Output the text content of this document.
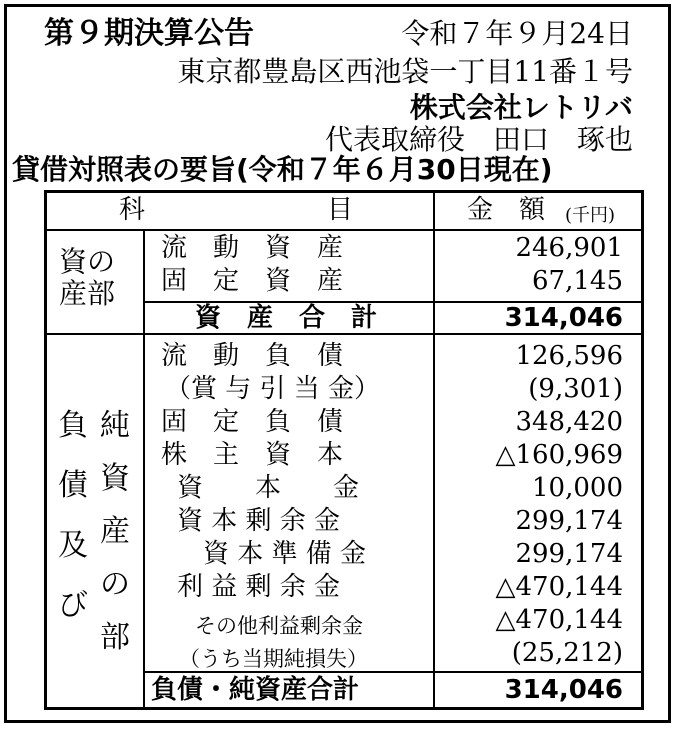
第９期決算公告	令和７年９月24日
東京都豊島区西池袋一丁目11番１号
株式会社レトリバ
代表取締役　田口　琢也
貸借対照表の要旨(令和７年６月30日現在)
科	目	金　額 (千円)
資の
産部
流　動　資　産	246,901
固　定　資　産	67,145
資　産　合　計	314,046
負
債
及
び
純
資
産
の
部
流　動　負　債	126,596
（賞 与 引 当 金）	(9,301)
固　定　負　債	348,420
株　主　資　本	△160,969
資　　本　　金	10,000
資 本 剰 余 金	299,174
資 本 準 備 金	299,174
利 益 剰 余 金	△470,144
その他利益剰余金	△470,144
（うち当期純損失）	(25,212)
負債・純資産合計	314,046
